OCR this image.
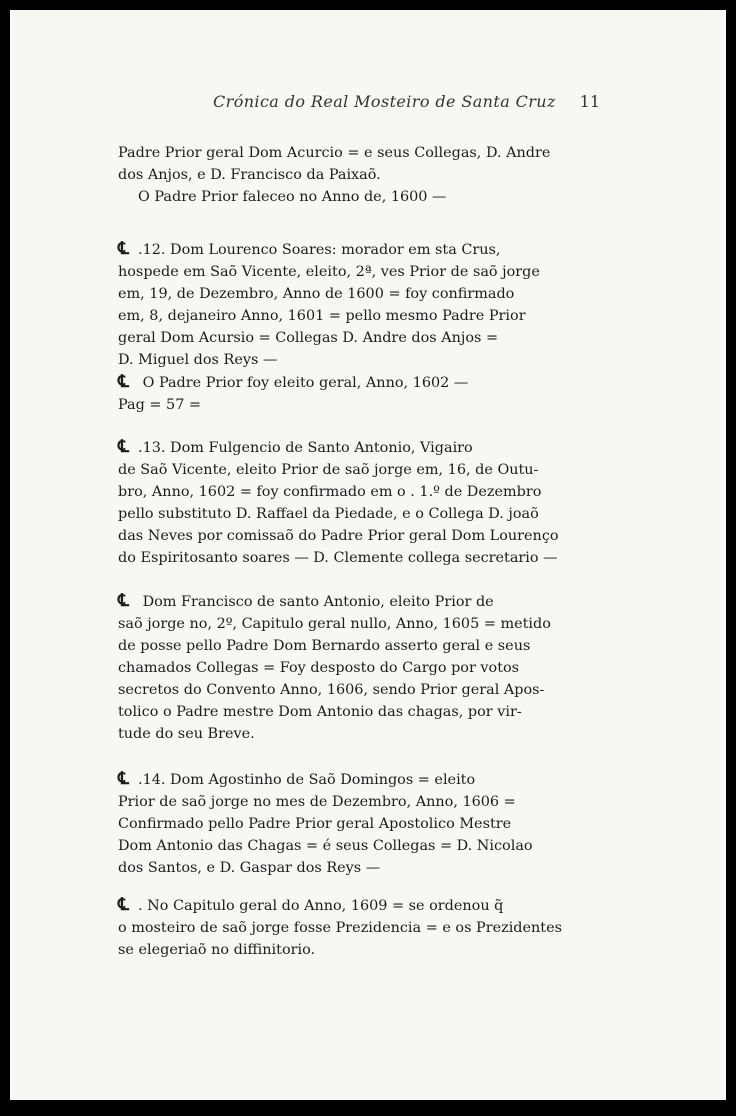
Crónica do Real Mosteiro de Santa Cruz 11
Padre Prior geral Dom Acurcio = e seus Collegas, D. Andre
dos Anjos, e D. Francisco da Paixaõ.
O Padre Prior faleceo no Anno de, 1600 —
℄ .12. Dom Lourenco Soares: morador em sta Crus,
hospede em Saõ Vicente, eleito, 2ª, ves Prior de saõ jorge
em, 19, de Dezembro, Anno de 1600 = foy confirmado
em, 8, dejaneiro Anno, 1601 = pello mesmo Padre Prior
geral Dom Acursio = Collegas D. Andre dos Anjos =
D. Miguel dos Reys —
℄ O Padre Prior foy eleito geral, Anno, 1602 —
Pag = 57 =
℄ .13. Dom Fulgencio de Santo Antonio, Vigairo
de Saõ Vicente, eleito Prior de saõ jorge em, 16, de Outu-
bro, Anno, 1602 = foy confirmado em o . 1.º de Dezembro
pello substituto D. Raffael da Piedade, e o Collega D. joaõ
das Neves por comissaõ do Padre Prior geral Dom Lourenço
do Espiritosanto soares — D. Clemente collega secretario —
℄ Dom Francisco de santo Antonio, eleito Prior de
saõ jorge no, 2º, Capitulo geral nullo, Anno, 1605 = metido
de posse pello Padre Dom Bernardo asserto geral e seus
chamados Collegas = Foy desposto do Cargo por votos
secretos do Convento Anno, 1606, sendo Prior geral Apos-
tolico o Padre mestre Dom Antonio das chagas, por vir-
tude do seu Breve.
℄ .14. Dom Agostinho de Saõ Domingos = eleito
Prior de saõ jorge no mes de Dezembro, Anno, 1606 =
Confirmado pello Padre Prior geral Apostolico Mestre
Dom Antonio das Chagas = é seus Collegas = D. Nicolao
dos Santos, e D. Gaspar dos Reys —
℄ . No Capitulo geral do Anno, 1609 = se ordenou q̃
o mosteiro de saõ jorge fosse Prezidencia = e os Prezidentes
se elegeriaõ no diffinitorio.
